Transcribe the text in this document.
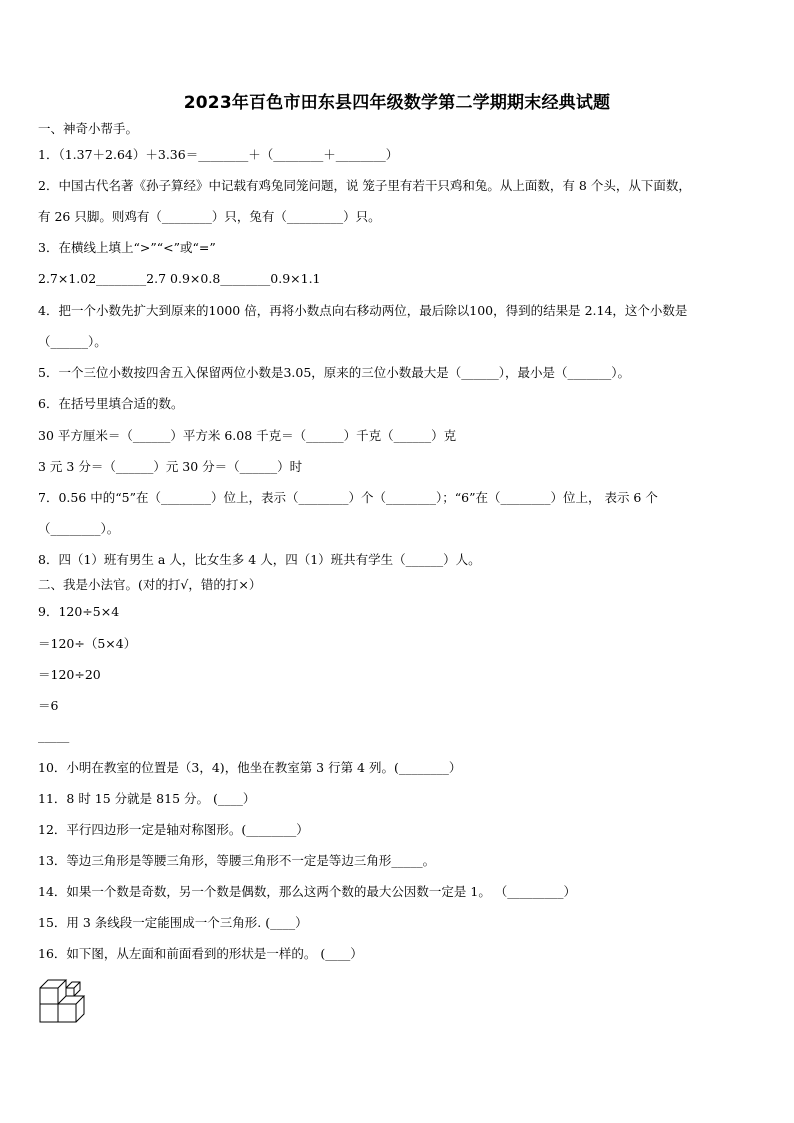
2023年百色市田东县四年级数学第二学期期末经典试题
一、神奇小帮手。
1．（1.37＋2.64）＋3.36＝________＋（________＋________）
2．中国古代名著《孙子算经》中记载有鸡兔同笼问题，说 笼子里有若干只鸡和兔。从上面数，有 8 个头，从下面数，
有 26 只脚。则鸡有（________）只，兔有（_________）只。
3．在横线上填上“>”“<”或“=”
2.7×1.02________2.7 0.9×0.8________0.9×1.1
4．把一个小数先扩大到原来的1000 倍，再将小数点向右移动两位，最后除以100，得到的结果是 2.14，这个小数是
（______）。
5．一个三位小数按四舍五入保留两位小数是3.05，原来的三位小数最大是（______），最小是（_______）。
6．在括号里填合适的数。
30 平方厘米＝（______）平方米 6.08 千克＝（______）千克（______）克
3 元 3 分＝（______）元 30 分＝（______）时
7．0.56 中的“5”在（________）位上，表示（________）个（________）；“6”在（________）位上， 表示 6 个
（________）。
8．四（1）班有男生 a 人，比女生多 4 人，四（1）班共有学生（______）人。
二、我是小法官。(对的打√，错的打×）
9．120÷5×4
＝120÷（5×4）
＝120÷20
＝6
_____
10．小明在教室的位置是（3，4)，他坐在教室第 3 行第 4 列。(________）
11．8 时 15 分就是 815 分。 (____）
12．平行四边形一定是轴对称图形。(________）
13．等边三角形是等腰三角形，等腰三角形不一定是等边三角形_____。
14．如果一个数是奇数，另一个数是偶数，那么这两个数的最大公因数一定是 1。 （_________）
15．用 3 条线段一定能围成一个三角形. (____）
16．如下图，从左面和前面看到的形状是一样的。 (____）
